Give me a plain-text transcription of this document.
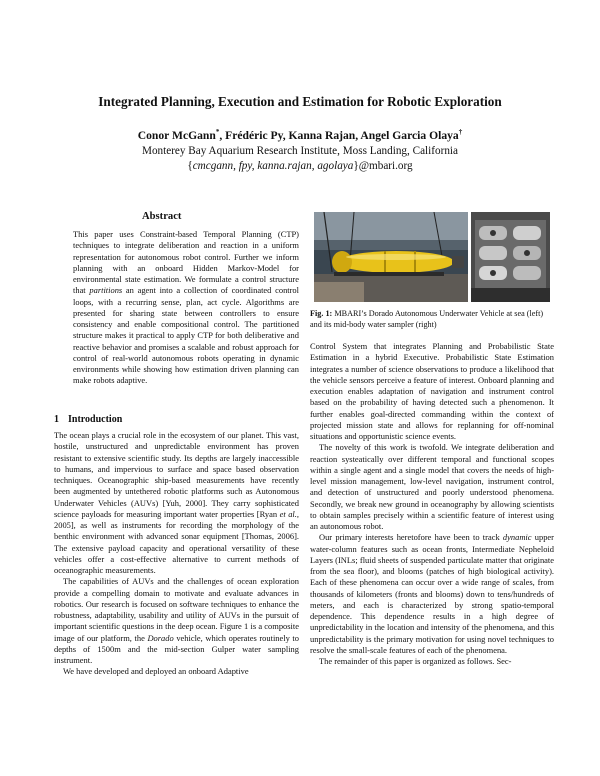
Integrated Planning, Execution and Estimation for Robotic Exploration
Conor McGann*, Frédéric Py, Kanna Rajan, Angel Garcia Olaya†
Monterey Bay Aquarium Research Institute, Moss Landing, California
{cmcgann, fpy, kanna.rajan, agolaya}@mbari.org
Abstract

This paper uses Constraint-based Temporal Planning (CTP) techniques to integrate deliberation and reaction in a uniform representation for autonomous robot control. Further we inform planning with an onboard Hidden Markov-Model for environmental state estimation. We formulate a control structure that partitions an agent into a collection of coordinated control loops, with a recurring sense, plan, act cycle. Algorithms are presented for sharing state between controllers to ensure consistency and enable compositional control. The partitioned structure makes it practical to apply CTP for both deliberative and reactive behavior and promises a scalable and robust approach for control of real-world autonomous robots operating in dynamic environments while showing how estimation driven planning can make robots adaptive.

1 Introduction

The ocean plays a crucial role in the ecosystem of our planet. This vast, hostile, unstructured and unpredictable environment has proven resistant to extensive scientific study. Its depths are largely inaccessible to humans, and impervious to surface and space based observation techniques. Oceanographic ship-based measurements have recently been augmented by untethered robotic platforms such as Autonomous Underwater Vehicles (AUVs) [Yuh, 2000]. They carry sophisticated science payloads for measuring important water properties [Ryan et al., 2005], as well as instruments for recording the morphology of the benthic environment with advanced sonar equipment [Thomas, 2006]. The extensive payload capacity and operational versatility of these vehicles offer a cost-effective alternative to current methods of oceanographic measurements.

The capabilities of AUVs and the challenges of ocean exploration provide a compelling domain to motivate and evaluate advances in robotics. Our research is focused on software techniques to enhance the robustness, adaptability, usability and utility of AUVs in the pursuit of important scientific questions in the deep ocean. Figure 1 is a composite image of our platform, the Dorado vehicle, which operates routinely to depths of 1500m and the mid-section Gulper water sampling instrument.

We have developed and deployed an onboard Adaptive

Fig. 1: MBARI’s Dorado Autonomous Underwater Vehicle at sea (left) and its mid-body water sampler (right)

Control System that integrates Planning and Probabilistic State Estimation in a hybrid Executive. Probabilistic State Estimation integrates a number of science observations to produce a likelihood that the vehicle sensors perceive a feature of interest. Onboard planning and execution enables adaptation of navigation and instrument control based on the probability of having detected such a phenomenon. It further enables goal-directed commanding within the context of projected mission state and allows for replanning for off-nominal situations and opportunistic science events.

The novelty of this work is twofold. We integrate deliberation and reaction systeatically over different temporal and functional scopes within a single agent and a single model that covers the needs of high-level mission management, low-level navigation, instrument control, and detection of unstructured and poorly understood phenomena. Secondly, we break new ground in oceanography by allowing scientists to obtain samples precisely within a scientific feature of interest using an autonomous robot.

Our primary interests heretofore have been to track dynamic upper water-column features such as ocean fronts, Intermediate Nepheloid Layers (INLs; fluid sheets of suspended particulate matter that originate from the sea floor), and blooms (patches of high biological activity). Each of these phenomena can occur over a wide range of scales, from thousands of kilometers (fronts and blooms) down to tens/hundreds of meters, and each is characterized by strong spatio-temporal dependence. This dependence results in a high degree of unpredictability in the location and intensity of the phenomena, and this unpredictability is the primary motivation for using novel techniques to resolve the small-scale features of each of the phenomena.

The remainder of this paper is organized as follows. Sec-
